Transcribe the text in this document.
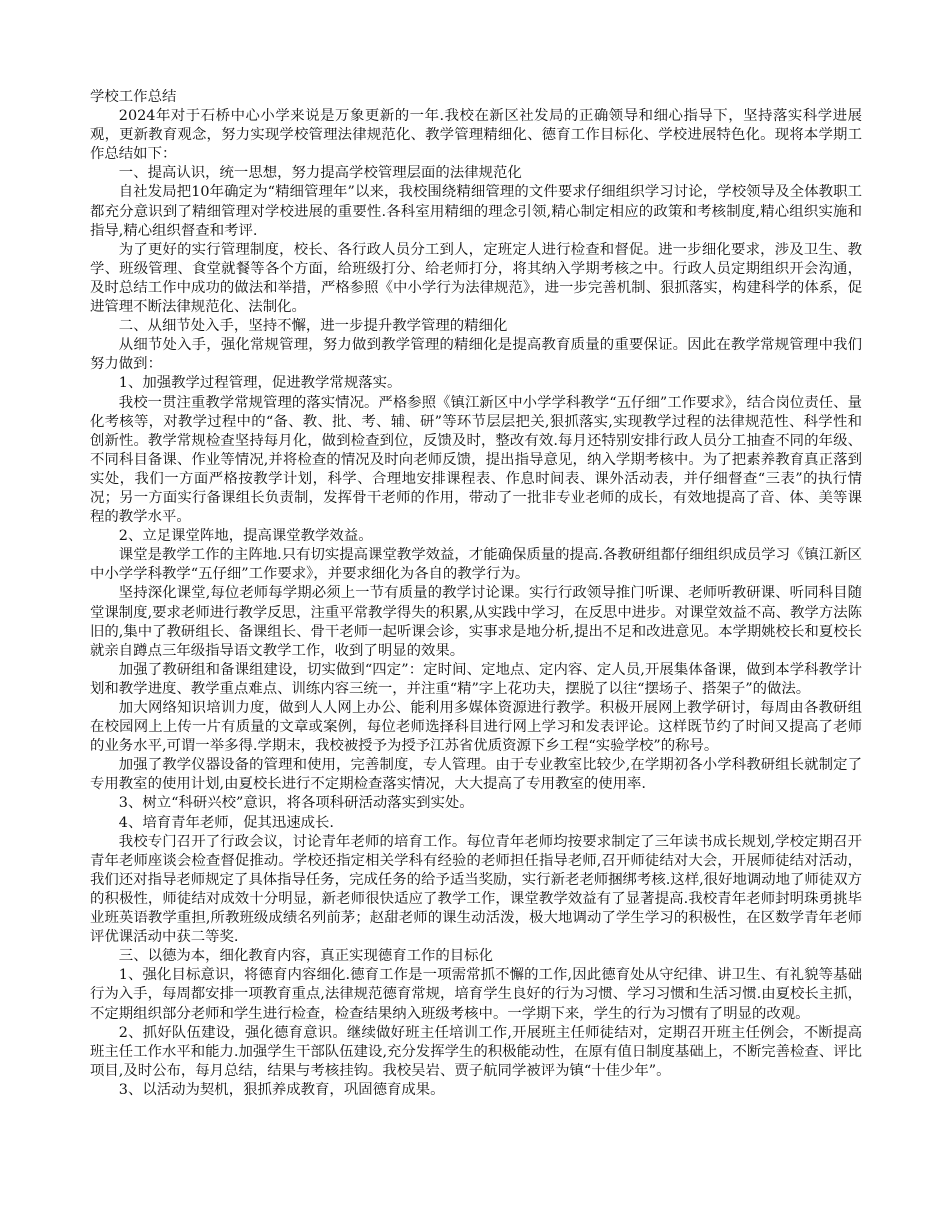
学校工作总结

2024年对于石桥中心小学来说是万象更新的一年.我校在新区社发局的正确领导和细心指导下，坚持落实科学进展观，更新教育观念，努力实现学校管理法律规范化、教学管理精细化、德育工作目标化、学校进展特色化。现将本学期工作总结如下：

一、提高认识，统一思想，努力提高学校管理层面的法律规范化

自社发局把10年确定为“精细管理年”以来，我校围绕精细管理的文件要求仔细组织学习讨论，学校领导及全体教职工都充分意识到了精细管理对学校进展的重要性.各科室用精细的理念引领,精心制定相应的政策和考核制度,精心组织实施和指导,精心组织督查和考评.

为了更好的实行管理制度，校长、各行政人员分工到人，定班定人进行检查和督促。进一步细化要求，涉及卫生、教学、班级管理、食堂就餐等各个方面，给班级打分、给老师打分，将其纳入学期考核之中。行政人员定期组织开会沟通，及时总结工作中成功的做法和举措，严格参照《中小学行为法律规范》，进一步完善机制、狠抓落实，构建科学的体系，促进管理不断法律规范化、法制化。

二、从细节处入手，坚持不懈，进一步提升教学管理的精细化

从细节处入手，强化常规管理，努力做到教学管理的精细化是提高教育质量的重要保证。因此在教学常规管理中我们努力做到：

1、加强教学过程管理，促进教学常规落实。

我校一贯注重教学常规管理的落实情况。严格参照《镇江新区中小学学科教学“五仔细”工作要求》，结合岗位责任、量化考核等，对教学过程中的“备、教、批、考、辅、研”等环节层层把关,狠抓落实,实现教学过程的法律规范性、科学性和创新性。教学常规检查坚持每月化，做到检查到位，反馈及时，整改有效.每月还特别安排行政人员分工抽查不同的年级、不同科目备课、作业等情况,并将检查的情况及时向老师反馈，提出指导意见，纳入学期考核中。为了把素养教育真正落到实处，我们一方面严格按教学计划，科学、合理地安排课程表、作息时间表、课外活动表，并仔细督查“三表”的执行情况；另一方面实行备课组长负责制，发挥骨干老师的作用，带动了一批非专业老师的成长，有效地提高了音、体、美等课程的教学水平。

2、立足课堂阵地，提高课堂教学效益。

课堂是教学工作的主阵地.只有切实提高课堂教学效益，才能确保质量的提高.各教研组都仔细组织成员学习《镇江新区中小学学科教学“五仔细”工作要求》，并要求细化为各自的教学行为。

坚持深化课堂,每位老师每学期必须上一节有质量的教学讨论课。实行行政领导推门听课、老师听教研课、听同科目随堂课制度,要求老师进行教学反思，注重平常教学得失的积累,从实践中学习，在反思中进步。对课堂效益不高、教学方法陈旧的,集中了教研组长、备课组长、骨干老师一起听课会诊，实事求是地分析,提出不足和改进意见。本学期姚校长和夏校长就亲自蹲点三年级指导语文教学工作，收到了明显的效果。

加强了教研组和备课组建设，切实做到“四定”：定时间、定地点、定内容、定人员,开展集体备课，做到本学科教学计划和教学进度、教学重点难点、训练内容三统一，并注重“精”字上花功夫，摆脱了以往“摆场子、搭架子”的做法。

加大网络知识培训力度，做到人人网上办公、能利用多媒体资源进行教学。积极开展网上教学研讨，每周由各教研组在校园网上上传一片有质量的文章或案例，每位老师选择科目进行网上学习和发表评论。这样既节约了时间又提高了老师的业务水平,可谓一举多得.学期末，我校被授予为授予江苏省优质资源下乡工程“实验学校”的称号。

加强了教学仪器设备的管理和使用，完善制度，专人管理。由于专业教室比较少,在学期初各小学科教研组长就制定了专用教室的使用计划,由夏校长进行不定期检查落实情况，大大提高了专用教室的使用率.

3、树立“科研兴校”意识，将各项科研活动落实到实处。

4、培育青年老师，促其迅速成长.

我校专门召开了行政会议，讨论青年老师的培育工作。每位青年老师均按要求制定了三年读书成长规划,学校定期召开青年老师座谈会检查督促推动。学校还指定相关学科有经验的老师担任指导老师,召开师徒结对大会，开展师徒结对活动，我们还对指导老师规定了具体指导任务，完成任务的给予适当奖励，实行新老老师捆绑考核.这样,很好地调动地了师徒双方的积极性，师徒结对成效十分明显，新老师很快适应了教学工作，课堂教学效益有了显著提高.我校青年老师封明珠勇挑毕业班英语教学重担,所教班级成绩名列前茅；赵甜老师的课生动活泼，极大地调动了学生学习的积极性，在区数学青年老师评优课活动中获二等奖.

三、以德为本，细化教育内容，真正实现德育工作的目标化

1、强化目标意识，将德育内容细化.德育工作是一项需常抓不懈的工作,因此德育处从守纪律、讲卫生、有礼貌等基础行为入手，每周都安排一项教育重点,法律规范德育常规，培育学生良好的行为习惯、学习习惯和生活习惯.由夏校长主抓，不定期组织部分老师和学生进行检查，检查结果纳入班级考核中。一学期下来，学生的行为习惯有了明显的改观。

2、抓好队伍建设，强化德育意识。继续做好班主任培训工作,开展班主任师徒结对，定期召开班主任例会，不断提高班主任工作水平和能力.加强学生干部队伍建设,充分发挥学生的积极能动性，在原有值日制度基础上，不断完善检查、评比项目,及时公布，每月总结，结果与考核挂钩。我校吴岩、贾子航同学被评为镇“十佳少年”。

3、以活动为契机，狠抓养成教育，巩固德育成果。
